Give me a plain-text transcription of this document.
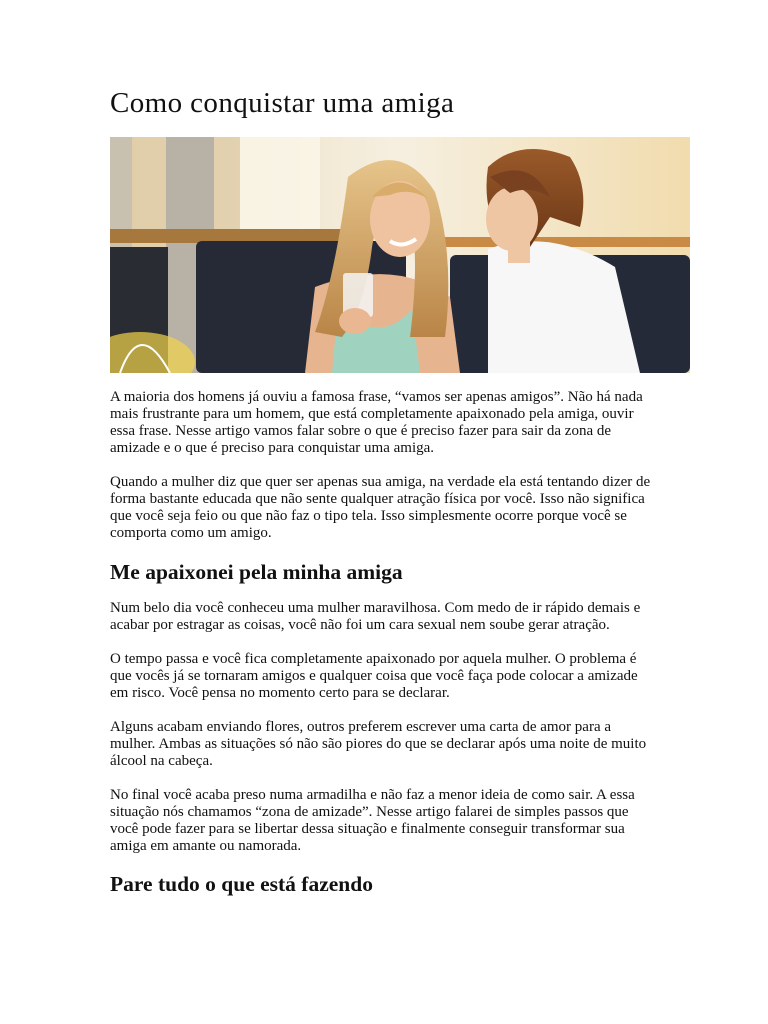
Como conquistar uma amiga

A maioria dos homens já ouviu a famosa frase, “vamos ser apenas amigos”. Não há nada mais frustrante para um homem, que está completamente apaixonado pela amiga, ouvir essa frase. Nesse artigo vamos falar sobre o que é preciso fazer para sair da zona de amizade e o que é preciso para conquistar uma amiga.

Quando a mulher diz que quer ser apenas sua amiga, na verdade ela está tentando dizer de forma bastante educada que não sente qualquer atração física por você. Isso não significa que você seja feio ou que não faz o tipo tela. Isso simplesmente ocorre porque você se comporta como um amigo.

Me apaixonei pela minha amiga

Num belo dia você conheceu uma mulher maravilhosa. Com medo de ir rápido demais e acabar por estragar as coisas, você não foi um cara sexual nem soube gerar atração.

O tempo passa e você fica completamente apaixonado por aquela mulher. O problema é que vocês já se tornaram amigos e qualquer coisa que você faça pode colocar a amizade em risco. Você pensa no momento certo para se declarar.

Alguns acabam enviando flores, outros preferem escrever uma carta de amor para a mulher. Ambas as situações só não são piores do que se declarar após uma noite de muito álcool na cabeça.

No final você acaba preso numa armadilha e não faz a menor ideia de como sair. A essa situação nós chamamos “zona de amizade”. Nesse artigo falarei de simples passos que você pode fazer para se libertar dessa situação e finalmente conseguir transformar sua amiga em amante ou namorada.

Pare tudo o que está fazendo
